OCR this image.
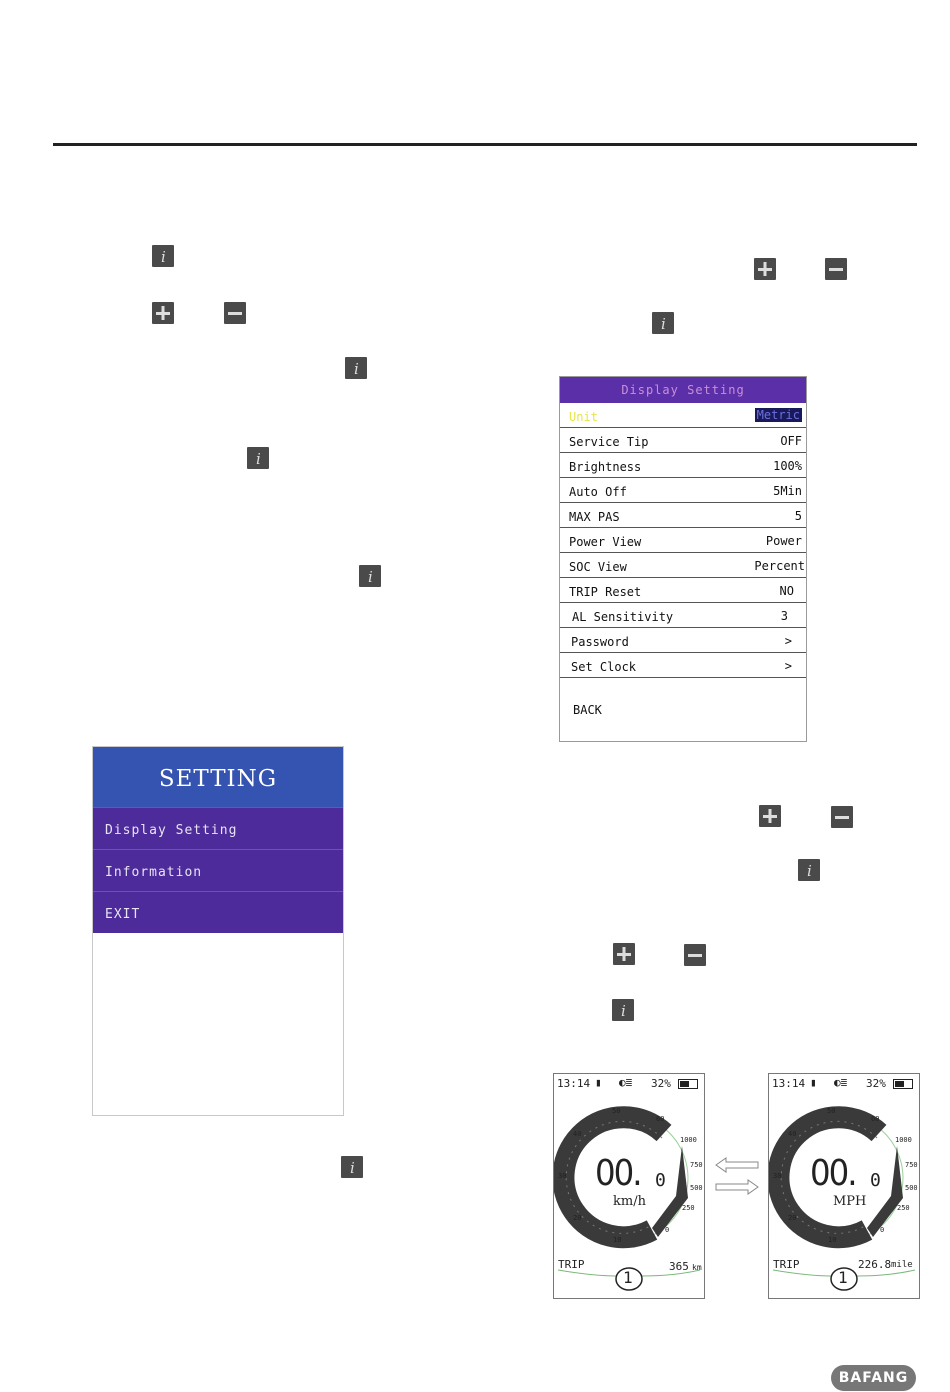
i
i
i
i
i
i
i
i
SETTING
Display Setting
Information
EXIT
Display Setting
Unit	Metric
Service Tip	OFF
Brightness	100%
Auto Off	5Min
MAX PAS	5
Power View	Power
SOC View	Percent
TRIP Reset	NO
AL Sensitivity	3
Password	>
Set Clock	>
BACK
13:14 ▮ ◐≣ 32%
50
60
40
30
20
10
1000
750
500
250
0
00. 0
km/h
TRIP	365 km
1
13:14 ▮ ◐≣ 32%
50
60
40
30
20
10
1000
750
500
250
0
00. 0
MPH
TRIP	226.8 mile
1
BAFANG
